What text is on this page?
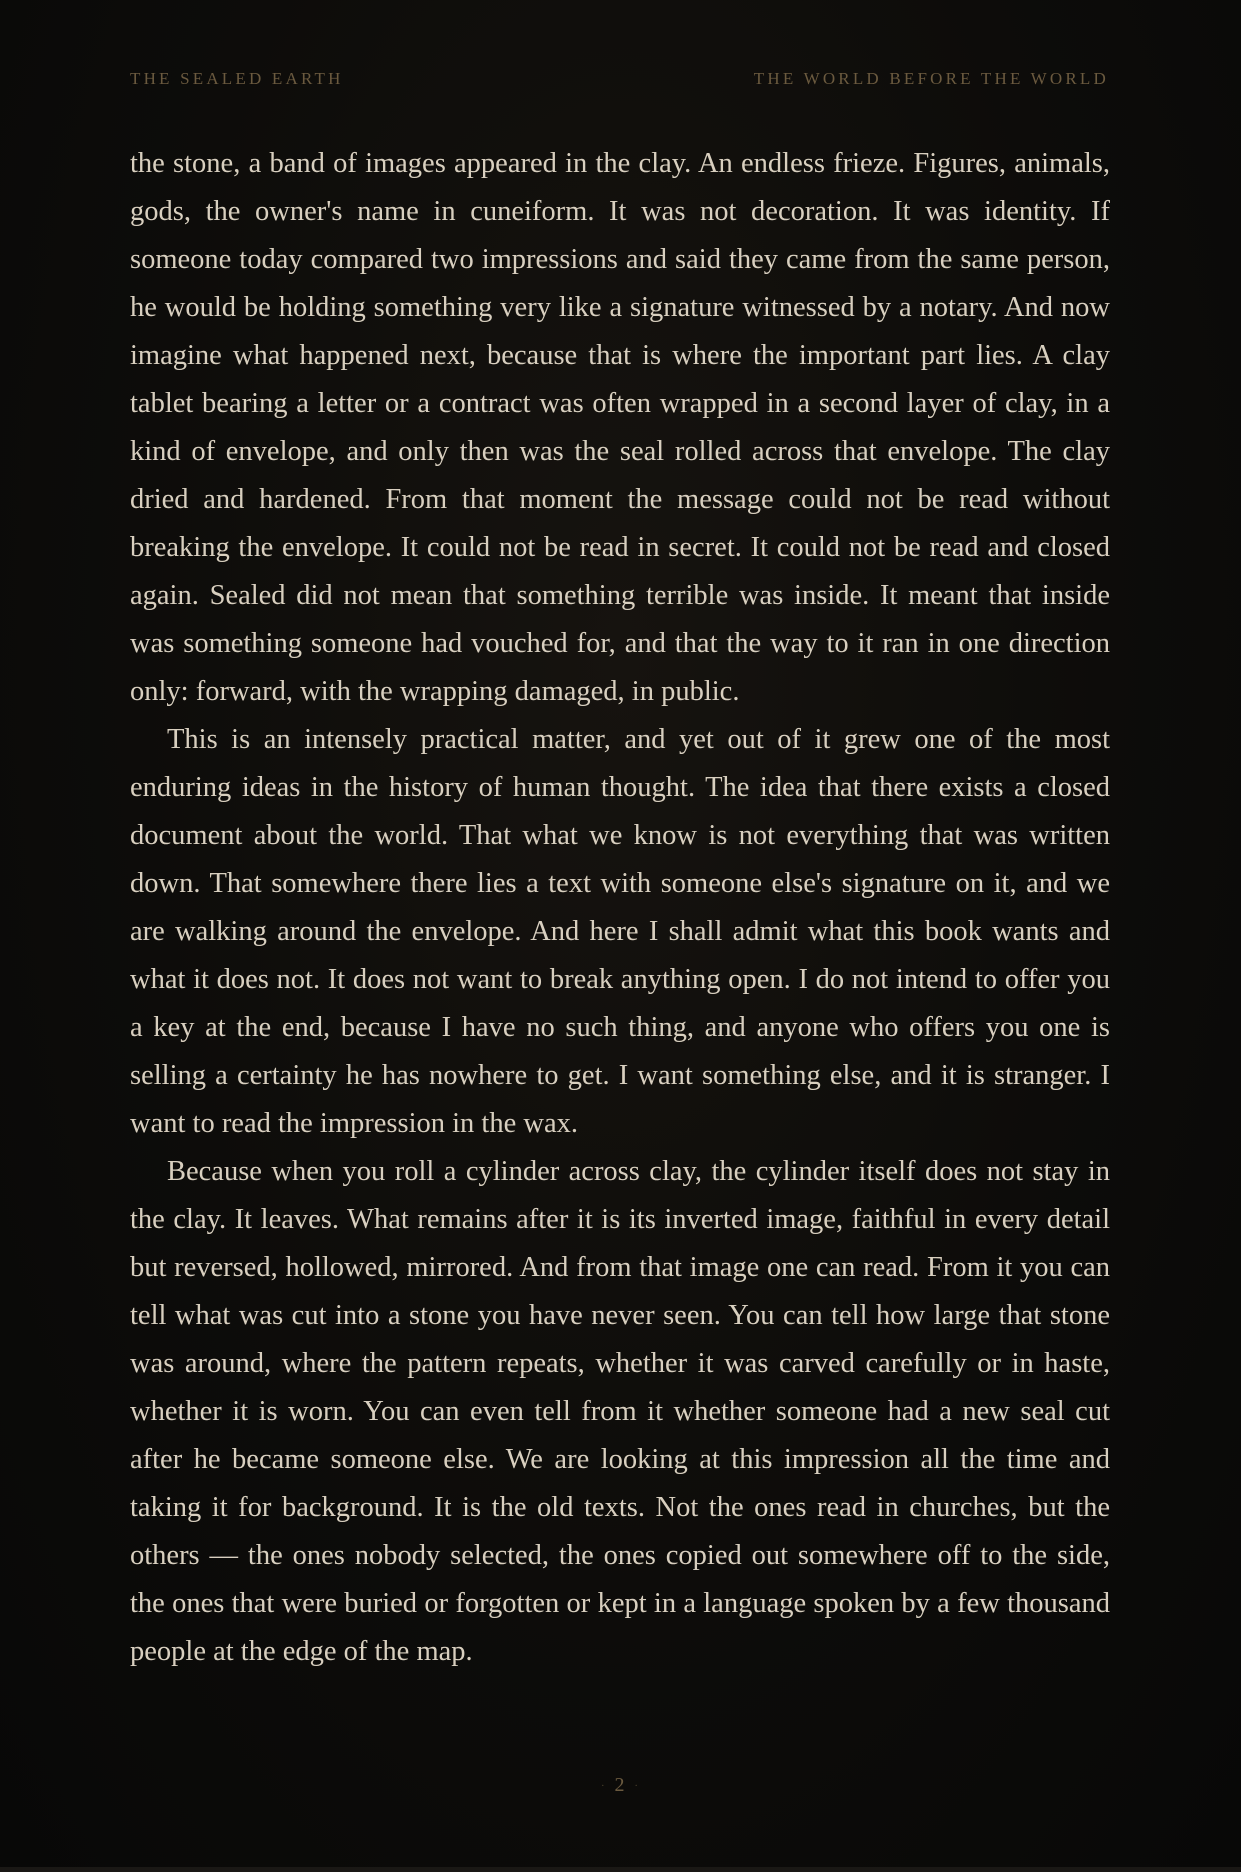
THE SEALED EARTH	THE WORLD BEFORE THE WORLD

the stone, a band of images appeared in the clay. An endless frieze. Figures, animals, gods, the owner's name in cuneiform. It was not decoration. It was identity. If someone today compared two impressions and said they came from the same person, he would be holding something very like a signature witnessed by a notary. And now imagine what happened next, because that is where the important part lies. A clay tablet bearing a letter or a contract was often wrapped in a second layer of clay, in a kind of envelope, and only then was the seal rolled across that envelope. The clay dried and hardened. From that moment the message could not be read without breaking the envelope. It could not be read in secret. It could not be read and closed again. Sealed did not mean that something terrible was inside. It meant that inside was something someone had vouched for, and that the way to it ran in one direction only: forward, with the wrapping damaged, in public.

This is an intensely practical matter, and yet out of it grew one of the most enduring ideas in the history of human thought. The idea that there exists a closed document about the world. That what we know is not everything that was written down. That somewhere there lies a text with someone else's signature on it, and we are walking around the envelope. And here I shall admit what this book wants and what it does not. It does not want to break anything open. I do not intend to offer you a key at the end, because I have no such thing, and anyone who offers you one is selling a certainty he has nowhere to get. I want something else, and it is stranger. I want to read the impression in the wax.

Because when you roll a cylinder across clay, the cylinder itself does not stay in the clay. It leaves. What remains after it is its inverted image, faithful in every detail but reversed, hollowed, mirrored. And from that image one can read. From it you can tell what was cut into a stone you have never seen. You can tell how large that stone was around, where the pattern repeats, whether it was carved carefully or in haste, whether it is worn. You can even tell from it whether someone had a new seal cut after he became someone else. We are looking at this impression all the time and taking it for background. It is the old texts. Not the ones read in churches, but the others — the ones nobody selected, the ones copied out somewhere off to the side, the ones that were buried or forgotten or kept in a language spoken by a few thousand people at the edge of the map.

· 2 ·
